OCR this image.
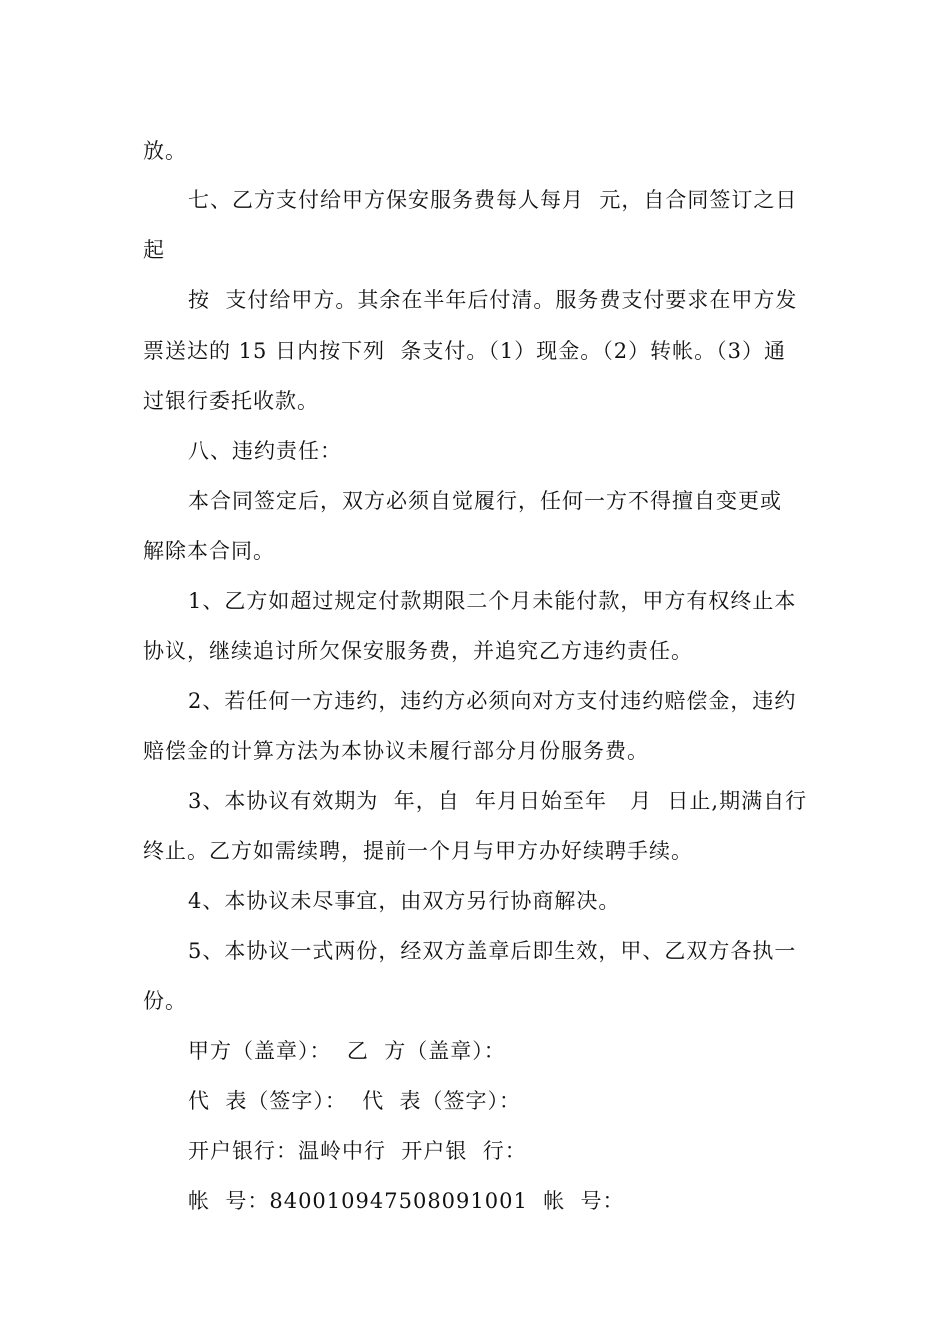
放。
七、乙方支付给甲方保安服务费每人每月  元，自合同签订之日
起
按  支付给甲方。其余在半年后付清。服务费支付要求在甲方发
票送达的 15 日内按下列  条支付。（1）现金。（2）转帐。（3）通
过银行委托收款。
八、违约责任：
本合同签定后，双方必须自觉履行，任何一方不得擅自变更或
解除本合同。
1、乙方如超过规定付款期限二个月未能付款，甲方有权终止本
协议，继续追讨所欠保安服务费，并追究乙方违约责任。
2、若任何一方违约，违约方必须向对方支付违约赔偿金，违约
赔偿金的计算方法为本协议未履行部分月份服务费。
3、本协议有效期为  年，自  年月日始至年   月  日止,期满自行
终止。乙方如需续聘，提前一个月与甲方办好续聘手续。
4、本协议未尽事宜，由双方另行协商解决。
5、本协议一式两份，经双方盖章后即生效，甲、乙双方各执一
份。
甲方（盖章）：  乙  方（盖章）：
代  表（签字）：  代  表（签字）：
开户银行：温岭中行  开户银  行：
帐  号：840010947508091001  帐  号：
